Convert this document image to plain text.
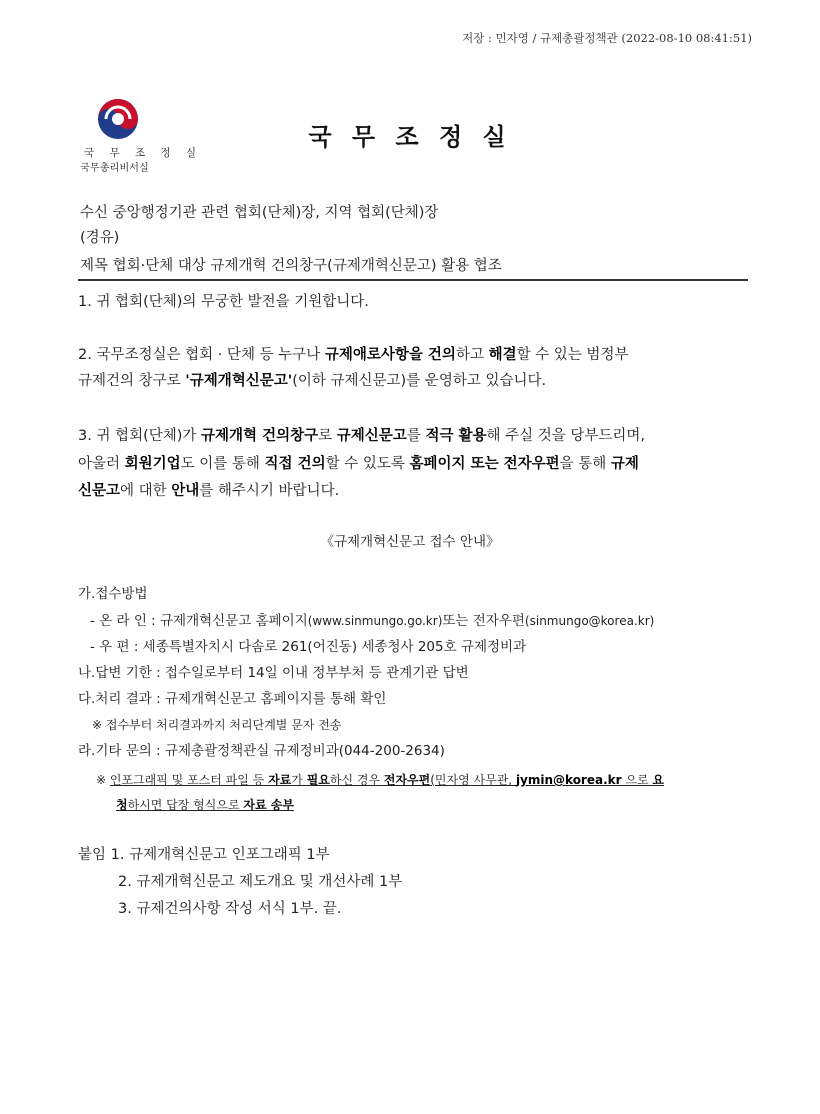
저장 : 민자영 / 규제총괄정책관 (2022-08-10 08:41:51)
국 무 조 정 실
국무총리비서실
국 무 조 정 실
수신 중앙행정기관 관련 협회(단체)장, 지역 협회(단체)장
(경유)
제목 협회·단체 대상 규제개혁 건의창구(규제개혁신문고) 활용 협조
1. 귀 협회(단체)의 무궁한 발전을 기원합니다.
2. 국무조정실은 협회 · 단체 등 누구나 규제애로사항을 건의하고 해결할 수 있는 범정부
규제건의 창구로 '규제개혁신문고'(이하 규제신문고)를 운영하고 있습니다.
3. 귀 협회(단체)가 규제개혁 건의창구로 규제신문고를 적극 활용해 주실 것을 당부드리며,
아울러 회원기업도 이를 통해 직접 건의할 수 있도록 홈페이지 또는 전자우편을 통해 규제
신문고에 대한 안내를 해주시기 바랍니다.
《규제개혁신문고 접수 안내》
가.접수방법
- 온 라 인 : 규제개혁신문고 홈페이지(www.sinmungo.go.kr)또는 전자우편(sinmungo@korea.kr)
- 우 편 : 세종특별자치시 다솜로 261(어진동) 세종청사 205호 규제정비과
나.답변 기한 : 접수일로부터 14일 이내 정부부처 등 관계기관 답변
다.처리 결과 : 규제개혁신문고 홈페이지를 통해 확인
※ 접수부터 처리결과까지 처리단계별 문자 전송
라.기타 문의 : 규제총괄정책관실 규제정비과(044-200-2634)
※ 인포그래픽 및 포스터 파일 등 자료가 필요하신 경우 전자우편(민자영 사무관, jymin@korea.kr 으로 요
청하시면 답장 형식으로 자료 송부
붙임 1. 규제개혁신문고 인포그래픽 1부
2. 규제개혁신문고 제도개요 및 개선사례 1부
3. 규제건의사항 작성 서식 1부. 끝.
